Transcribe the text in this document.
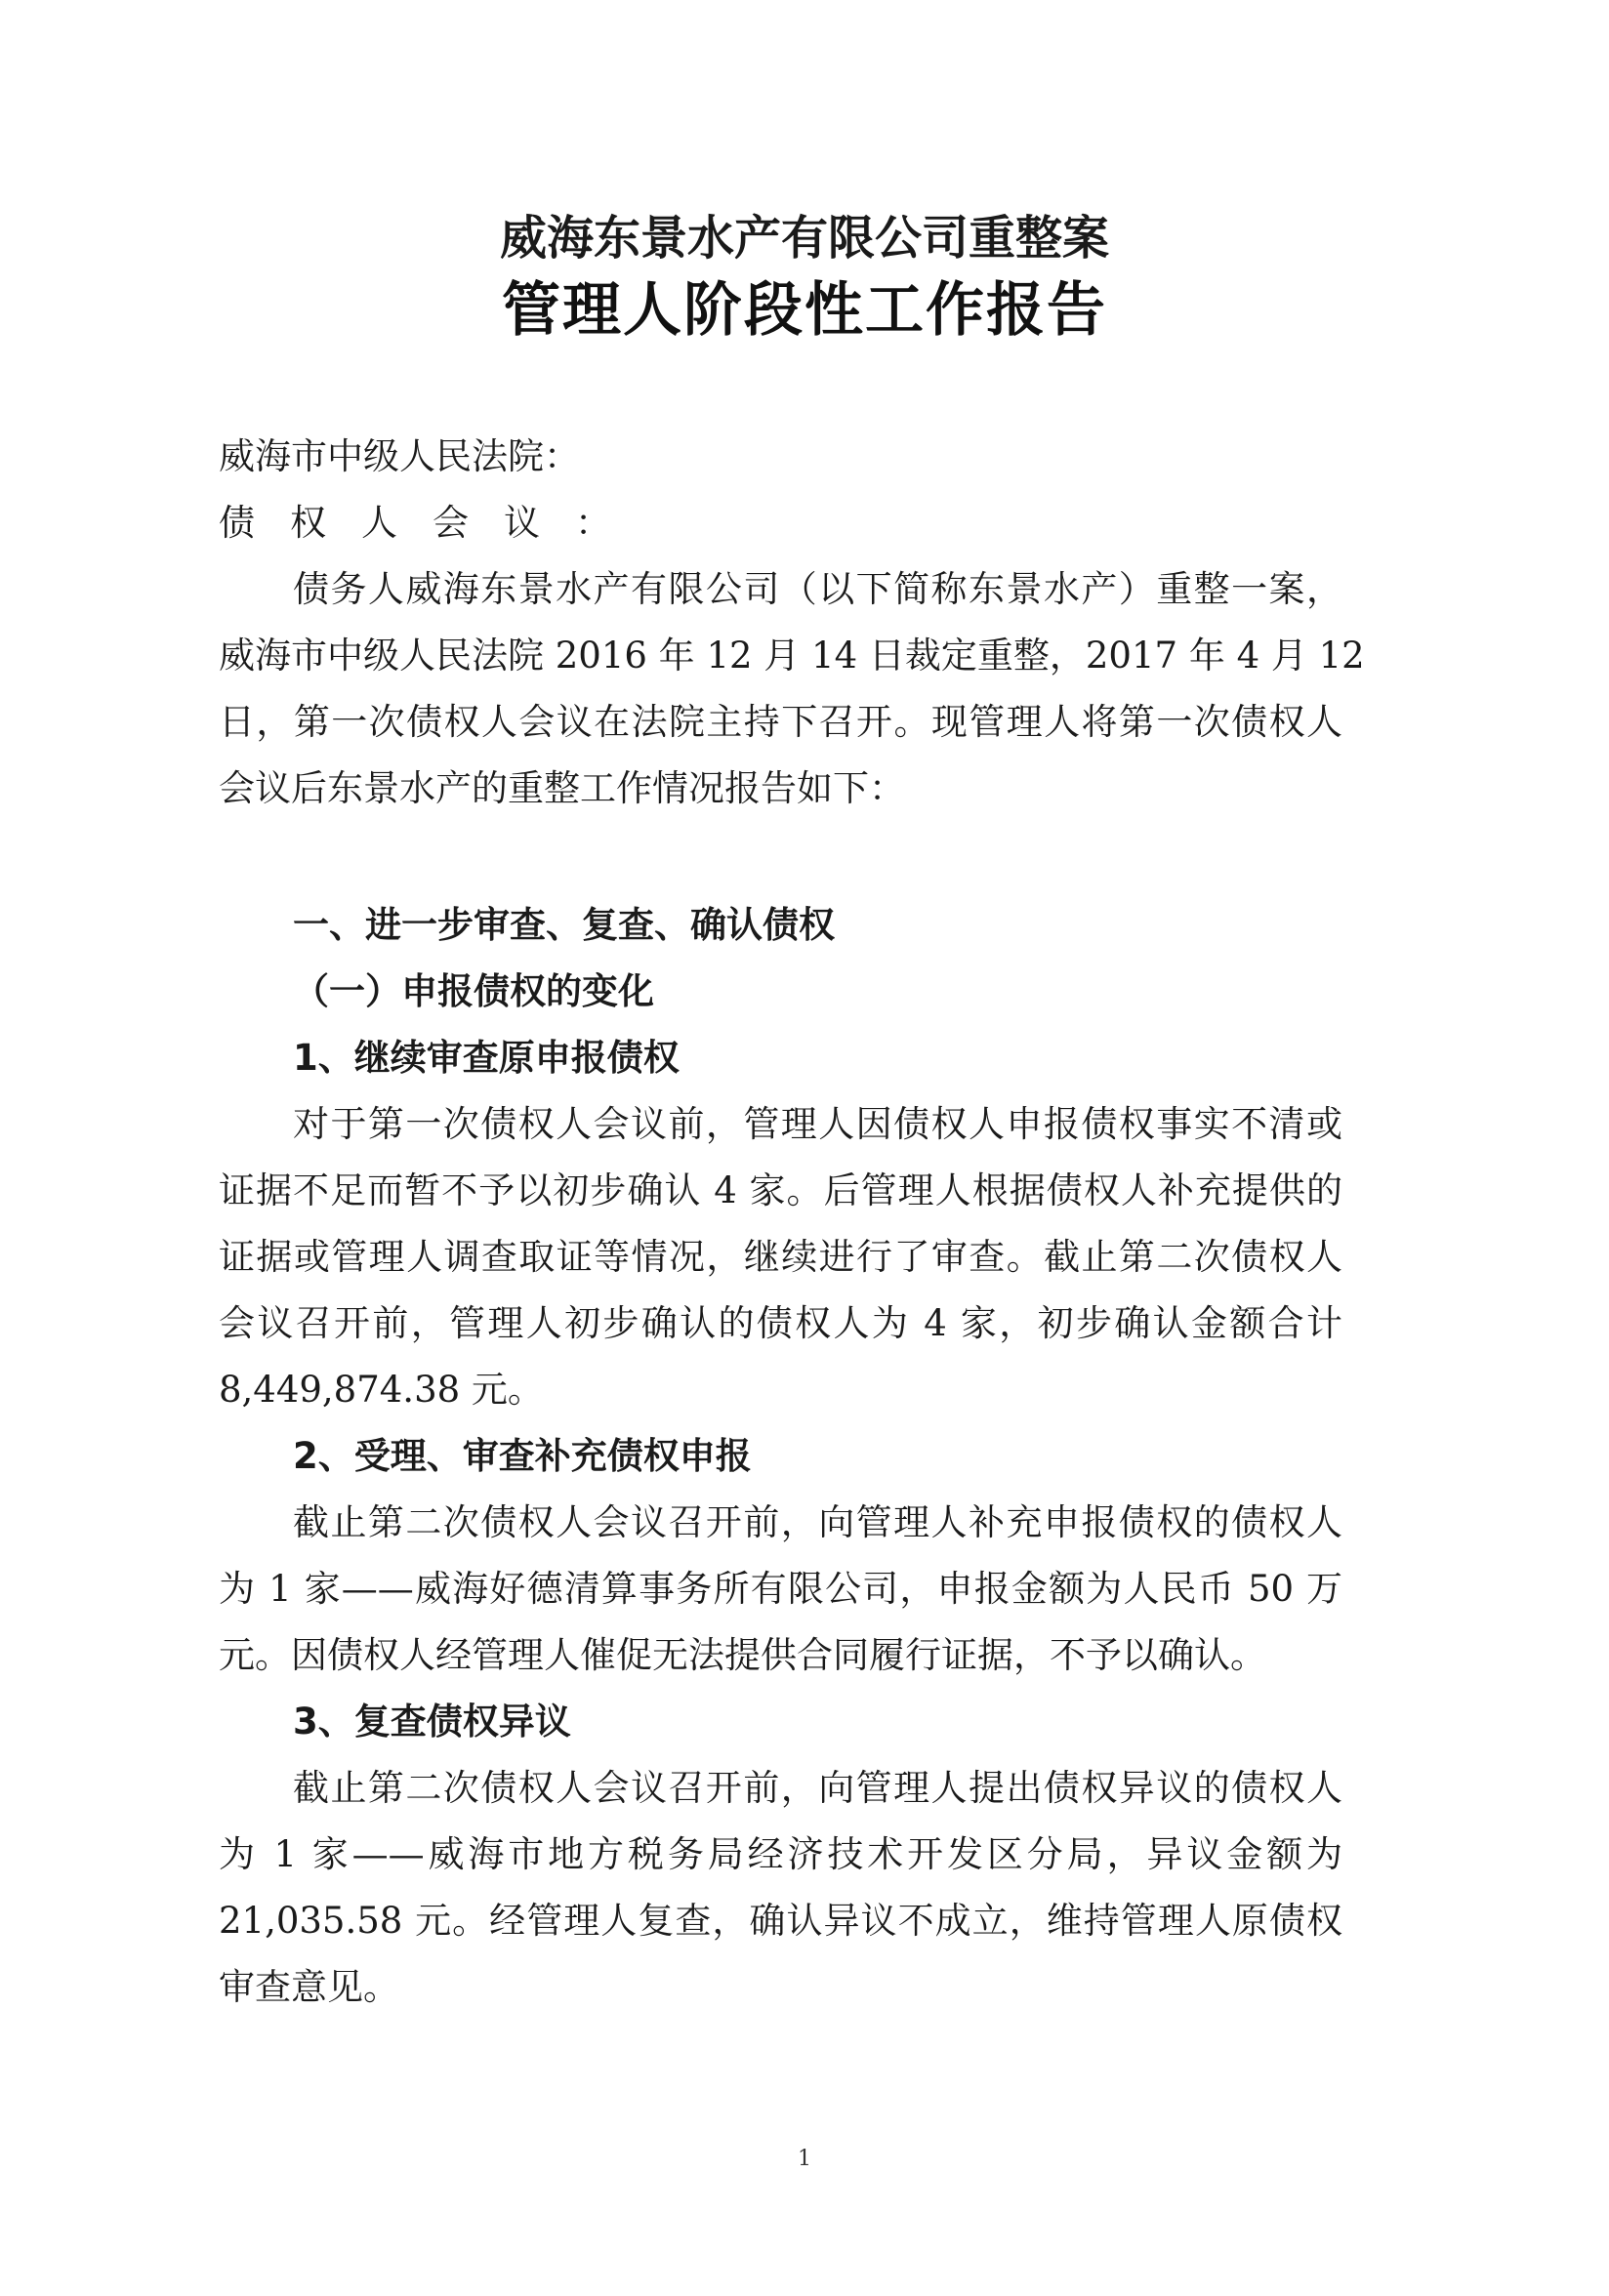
威海东景水产有限公司重整案
管理人阶段性工作报告
威海市中级人民法院：
债权人会议：
债务人威海东景水产有限公司（以下简称东景水产）重整一案，
威海市中级人民法院 2016 年 12 月 14 日裁定重整，2017 年 4 月 12
日，第一次债权人会议在法院主持下召开。现管理人将第一次债权人
会议后东景水产的重整工作情况报告如下：
一、进一步审查、复查、确认债权
（一）申报债权的变化
1、继续审查原申报债权
对于第一次债权人会议前，管理人因债权人申报债权事实不清或
证据不足而暂不予以初步确认 4 家。后管理人根据债权人补充提供的
证据或管理人调查取证等情况，继续进行了审查。截止第二次债权人
会议召开前，管理人初步确认的债权人为 4 家，初步确认金额合计
8,449,874.38 元。
2、受理、审查补充债权申报
截止第二次债权人会议召开前，向管理人补充申报债权的债权人
为 1 家——威海好德清算事务所有限公司，申报金额为人民币 50 万
元。因债权人经管理人催促无法提供合同履行证据，不予以确认。
3、复查债权异议
截止第二次债权人会议召开前，向管理人提出债权异议的债权人
为 1 家——威海市地方税务局经济技术开发区分局，异议金额为
21,035.58 元。经管理人复查，确认异议不成立，维持管理人原债权
审查意见。
1
